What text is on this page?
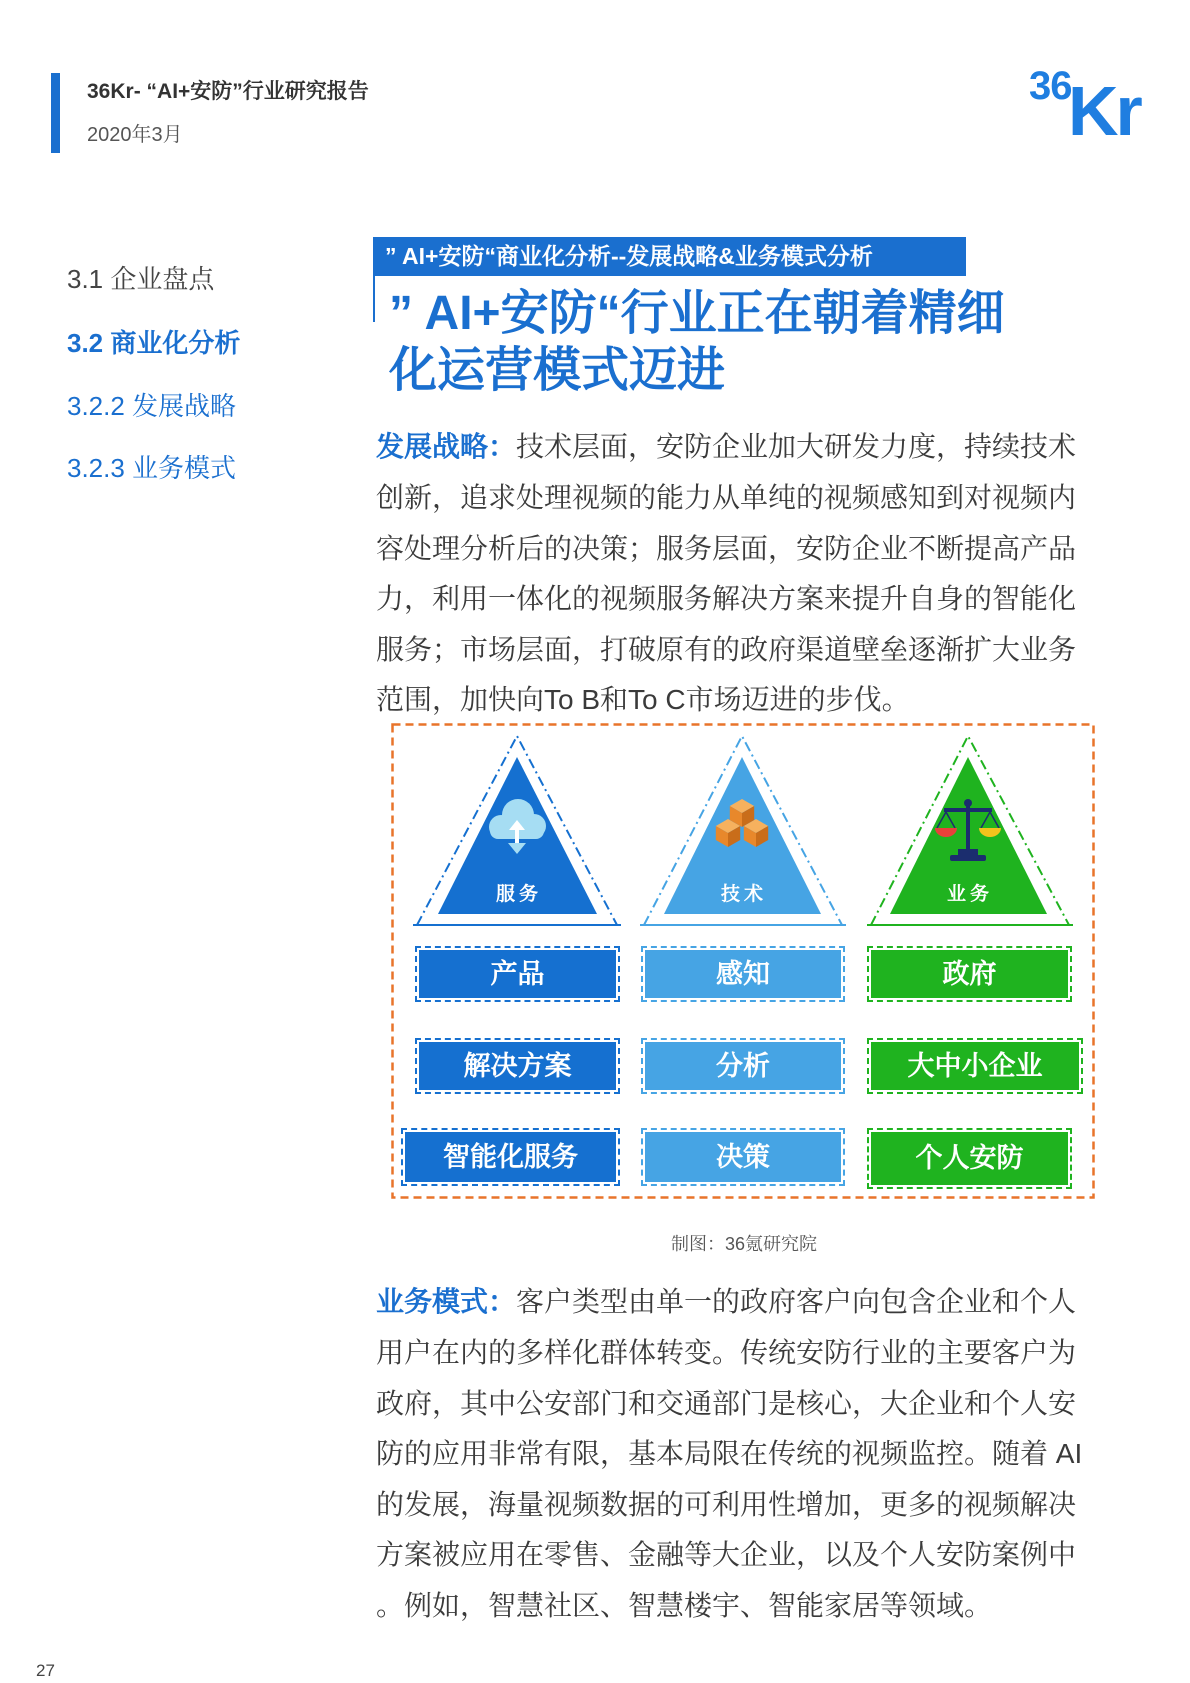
36Kr- “AI+安防”行业研究报告
2020年3月
36
Kr
3.1 企业盘点
3.2 商业化分析
3.2.2 发展战略
3.2.3 业务模式
” AI+安防“商业化分析--发展战略&业务模式分析
” AI+安防“行业正在朝着精细
化运营模式迈进
发展战略：技术层面，安防企业加大研发力度，持续技术
创新，追求处理视频的能力从单纯的视频感知到对视频内
容处理分析后的决策；服务层面，安防企业不断提高产品
力，利用一体化的视频服务解决方案来提升自身的智能化
服务；市场层面，打破原有的政府渠道壁垒逐渐扩大业务
范围，加快向To B和To C市场迈进的步伐。
服务	技术	业务
产品
解决方案
智能化服务
感知
分析
决策
政府
大中小企业
个人安防
制图：36氪研究院
业务模式：客户类型由单一的政府客户向包含企业和个人
用户在内的多样化群体转变。传统安防行业的主要客户为
政府，其中公安部门和交通部门是核心，大企业和个人安
防的应用非常有限，基本局限在传统的视频监控。随着 AI
的发展，海量视频数据的可利用性增加，更多的视频解决
方案被应用在零售、金融等大企业，以及个人安防案例中
。例如，智慧社区、智慧楼宇、智能家居等领域。
27
